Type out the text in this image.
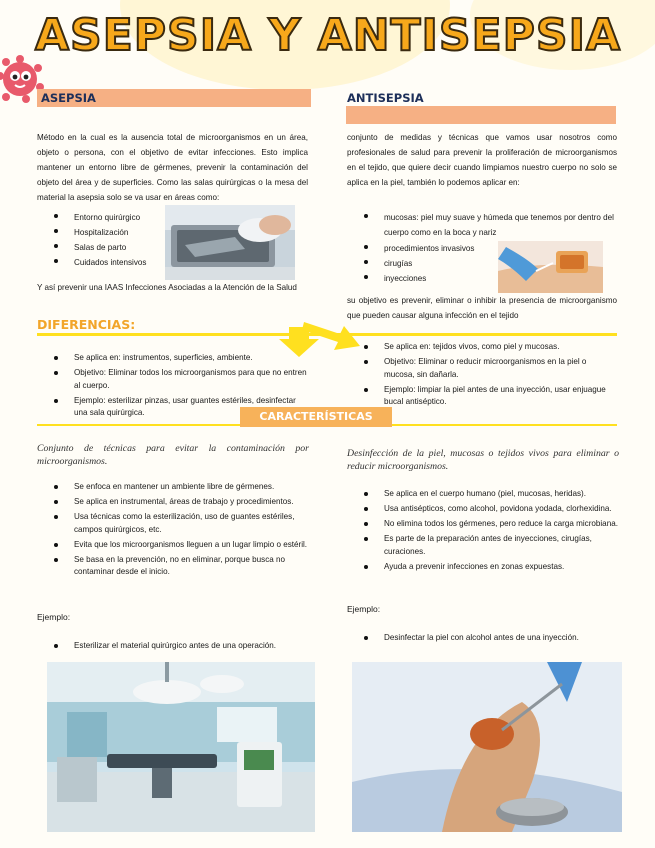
ASEPSIA Y ANTISEPSIA
ASEPSIA	ANTISEPSIA
Método en la cual es la ausencia total de microorganismos en un área, objeto o persona, con el objetivo de evitar infecciones. Esto implica mantener un entorno libre de gérmenes, prevenir la contaminación del objeto del área y de superficies. Como las salas quirúrgicas o la mesa del material la asepsia solo se va usar en áreas como:
Entorno quirúrgico
Hospitalización
Salas de parto
Cuidados intensivos
Y así prevenir una IAAS Infecciones Asociadas a la Atención de la Salud
conjunto de medidas y técnicas que vamos usar nosotros como profesionales de salud para prevenir la proliferación de microorganismos en el tejido, que quiere decir cuando limpiamos nuestro cuerpo no solo se aplica en la piel, también lo podemos aplicar en:
mucosas: piel muy suave y húmeda que tenemos por dentro del cuerpo como en la boca y nariz
procedimientos invasivos
cirugías
inyecciones
su objetivo es prevenir, eliminar o inhibir la presencia de microorganismo que pueden causar alguna infección en el tejido
DIFERENCIAS:
Se aplica en: instrumentos, superficies, ambiente.
Objetivo: Eliminar todos los microorganismos para que no entren al cuerpo.
Ejemplo: esterilizar pinzas, usar guantes estériles, desinfectar una sala quirúrgica.
Se aplica en: tejidos vivos, como piel y mucosas.
Objetivo: Eliminar o reducir microorganismos en la piel o mucosa, sin dañarla.
Ejemplo: limpiar la piel antes de una inyección, usar enjuague bucal antiséptico.
CARACTERÍSTICAS
Conjunto de técnicas para evitar la contaminación por microorganismos.
Desinfección de la piel, mucosas o tejidos vivos para eliminar o reducir microorganismos.
Se enfoca en mantener un ambiente libre de gérmenes.
Se aplica en instrumental, áreas de trabajo y procedimientos.
Usa técnicas como la esterilización, uso de guantes estériles, campos quirúrgicos, etc.
Evita que los microorganismos lleguen a un lugar limpio o estéril.
Se basa en la prevención, no en eliminar, porque busca no contaminar desde el inicio.
Se aplica en el cuerpo humano (piel, mucosas, heridas).
Usa antisépticos, como alcohol, povidona yodada, clorhexidina.
No elimina todos los gérmenes, pero reduce la carga microbiana.
Es parte de la preparación antes de inyecciones, cirugías, curaciones.
Ayuda a prevenir infecciones en zonas expuestas.
Ejemplo:
Ejemplo:
Esterilizar el material quirúrgico antes de una operación.
Desinfectar la piel con alcohol antes de una inyección.
